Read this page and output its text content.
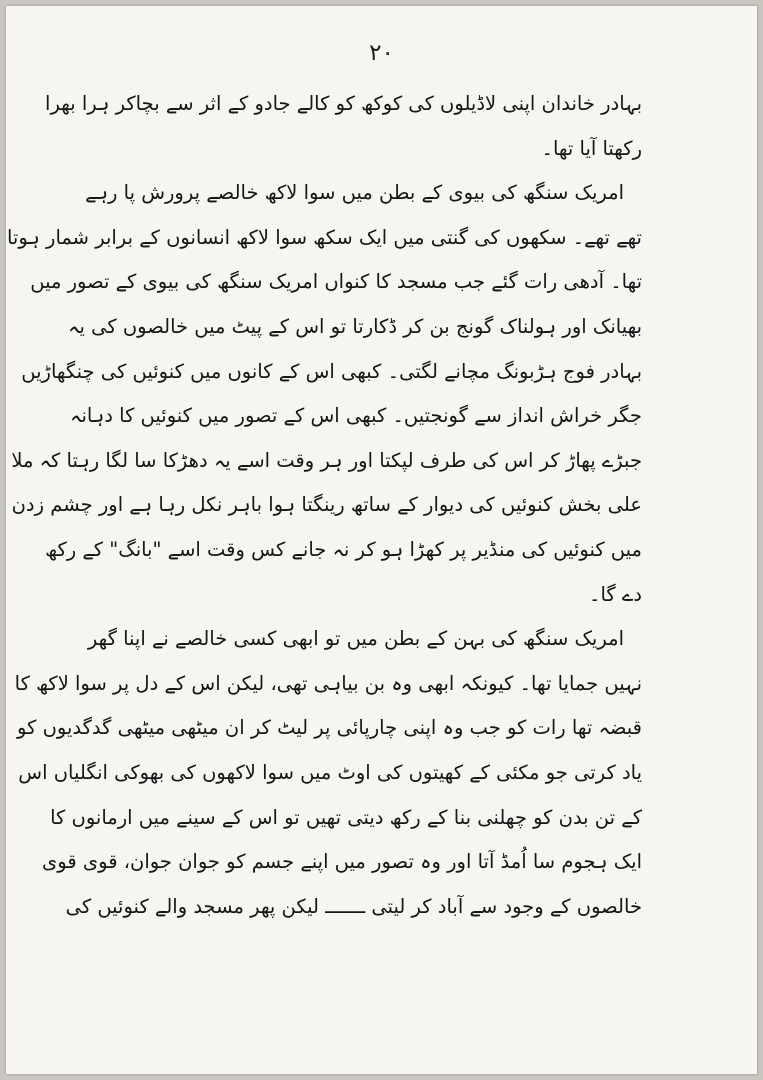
۲۰
بہادر خاندان اپنی لاڈیلوں کی کوکھ کو کالے جادو کے اثر سے بچاکر ہرا بھرا
رکھتا آیا تھا۔
امریک سنگھ کی بیوی کے بطن میں سوا لاکھ خالصے پرورش پا رہے
تھے تھے۔ سکھوں کی گنتی میں ایک سکھ سوا لاکھ انسانوں کے برابر شمار ہوتا
تھا۔ آدھی رات گئے جب مسجد کا کنواں امریک سنگھ کی بیوی کے تصور میں
بھیانک اور ہولناک گونج بن کر ڈکارتا تو اس کے پیٹ میں خالصوں کی یہ
بہادر فوج ہڑبونگ مچانے لگتی۔ کبھی اس کے کانوں میں کنوئیں کی چنگھاڑیں
جگر خراش انداز سے گونجتیں۔ کبھی اس کے تصور میں کنوئیں کا دہانہ
جبڑے پھاڑ کر اس کی طرف لپکتا اور ہر وقت اسے یہ دھڑکا سا لگا رہتا کہ ملا
علی بخش کنوئیں کی دیوار کے ساتھ رینگتا ہوا باہر نکل رہا ہے اور چشم زدن
میں کنوئیں کی منڈیر پر کھڑا ہو کر نہ جانے کس وقت اسے "بانگ" کے رکھ
دے گا۔
امریک سنگھ کی بہن کے بطن میں تو ابھی کسی خالصے نے اپنا گھر
نہیں جمایا تھا۔ کیونکہ ابھی وہ بن بیاہی تھی، لیکن اس کے دل پر سوا لاکھ کا
قبضہ تھا رات کو جب وہ اپنی چارپائی پر لیٹ کر ان میٹھی میٹھی گدگدیوں کو
یاد کرتی جو مکئی کے کھیتوں کی اوٹ میں سوا لاکھوں کی بھوکی انگلیاں اس
کے تن بدن کو چھلنی بنا کے رکھ دیتی تھیں تو اس کے سینے میں ارمانوں کا
ایک ہجوم سا اُمڈ آتا اور وہ تصور میں اپنے جسم کو جوان جوان، قوی قوی
خالصوں کے وجود سے آباد کر لیتی ـــــــ لیکن پھر مسجد والے کنوئیں کی
